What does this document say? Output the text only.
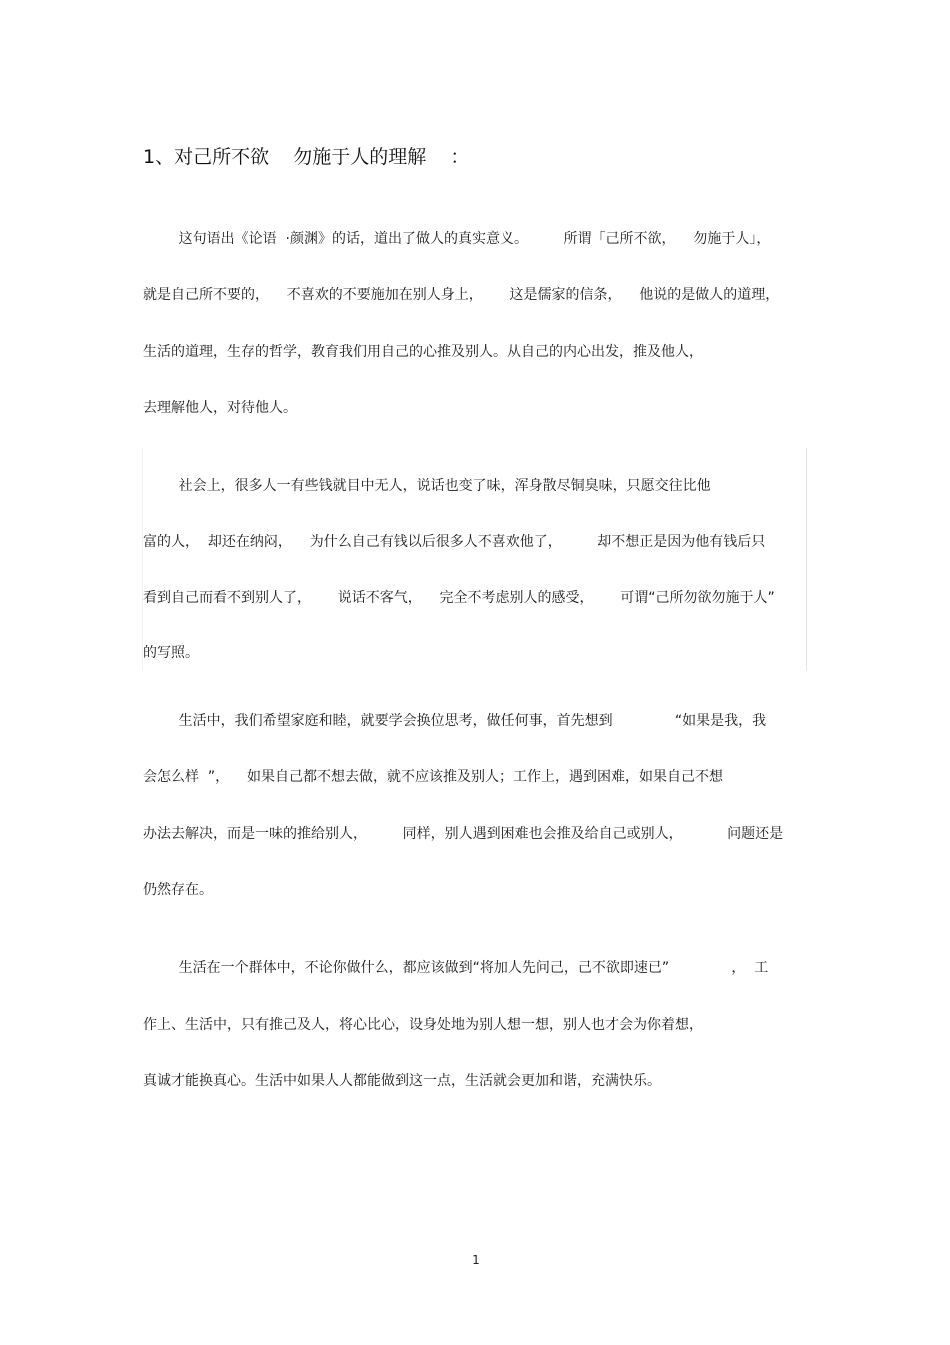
1、对己所不欲    勿施于人的理解    ：
这句语出《论语  ·颜渊》的话，道出了做人的真实意义。        所谓「己所不欲，    勿施于人」，
就是自己所不要的，    不喜欢的不要施加在别人身上，      这是儒家的信条，    他说的是做人的道理，
生活的道理，生存的哲学，教育我们用自己的心推及别人。从自己的内心出发，推及他人，
去理解他人，对待他人。
社会上，很多人一有些钱就目中无人，说话也变了味，浑身散尽铜臭味，只愿交往比他
富的人，  却还在纳闷，    为什么自己有钱以后很多人不喜欢他了，        却不想正是因为他有钱后只
看到自己而看不到别人了，      说话不客气，    完全不考虑别人的感受，      可谓“己所勿欲勿施于人”
的写照。
生活中，我们希望家庭和睦，就要学会换位思考，做任何事，首先想到              “如果是我，我
会怎么样  ”，    如果自己都不想去做，就不应该推及别人；工作上，遇到困难，如果自己不想
办法去解决，而是一味的推给别人，        同样，别人遇到困难也会推及给自己或别人，          问题还是
仍然存在。
生活在一个群体中，不论你做什么，都应该做到“将加人先问己，己不欲即速已”              ，  工
作上、生活中，只有推己及人，将心比心，设身处地为别人想一想，别人也才会为你着想，
真诚才能换真心。生活中如果人人都能做到这一点，生活就会更加和谐，充满快乐。
1
